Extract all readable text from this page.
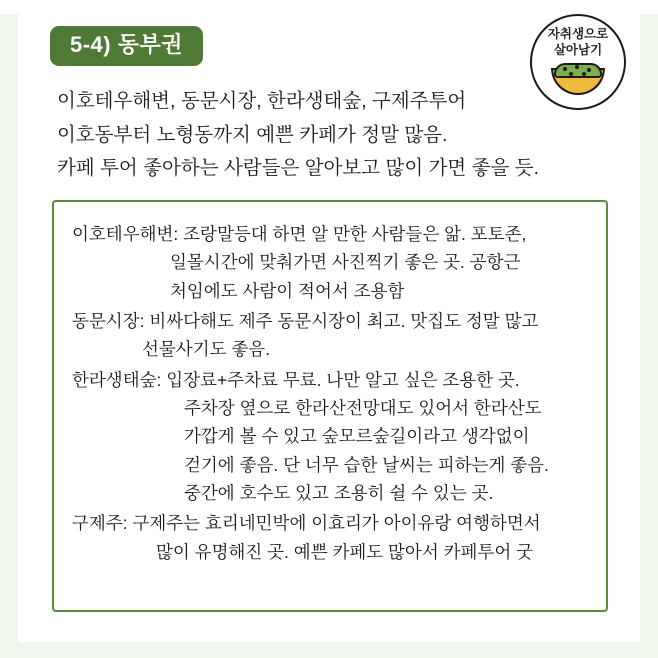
5-4) 동부권	자취생으로
살아남기
이호테우해변, 동문시장, 한라생태숲, 구제주투어
이호동부터 노형동까지 예쁜 카페가 정말 많음.
카페 투어 좋아하는 사람들은 알아보고 많이 가면 좋을 듯.
이호테우해변: 조랑말등대 하면 알 만한 사람들은 앎. 포토존,
일몰시간에 맞춰가면 사진찍기 좋은 곳. 공항근
처임에도 사람이 적어서 조용함
동문시장: 비싸다해도 제주 동문시장이 최고. 맛집도 정말 많고
선물사기도 좋음.
한라생태숲: 입장료+주차료 무료. 나만 알고 싶은 조용한 곳.
주차장 옆으로 한라산전망대도 있어서 한라산도
가깝게 볼 수 있고 숲모르숲길이라고 생각없이
걷기에 좋음. 단 너무 습한 날씨는 피하는게 좋음.
중간에 호수도 있고 조용히 쉴 수 있는 곳.
구제주: 구제주는 효리네민박에 이효리가 아이유랑 여행하면서
많이 유명해진 곳. 예쁜 카페도 많아서 카페투어 굿
